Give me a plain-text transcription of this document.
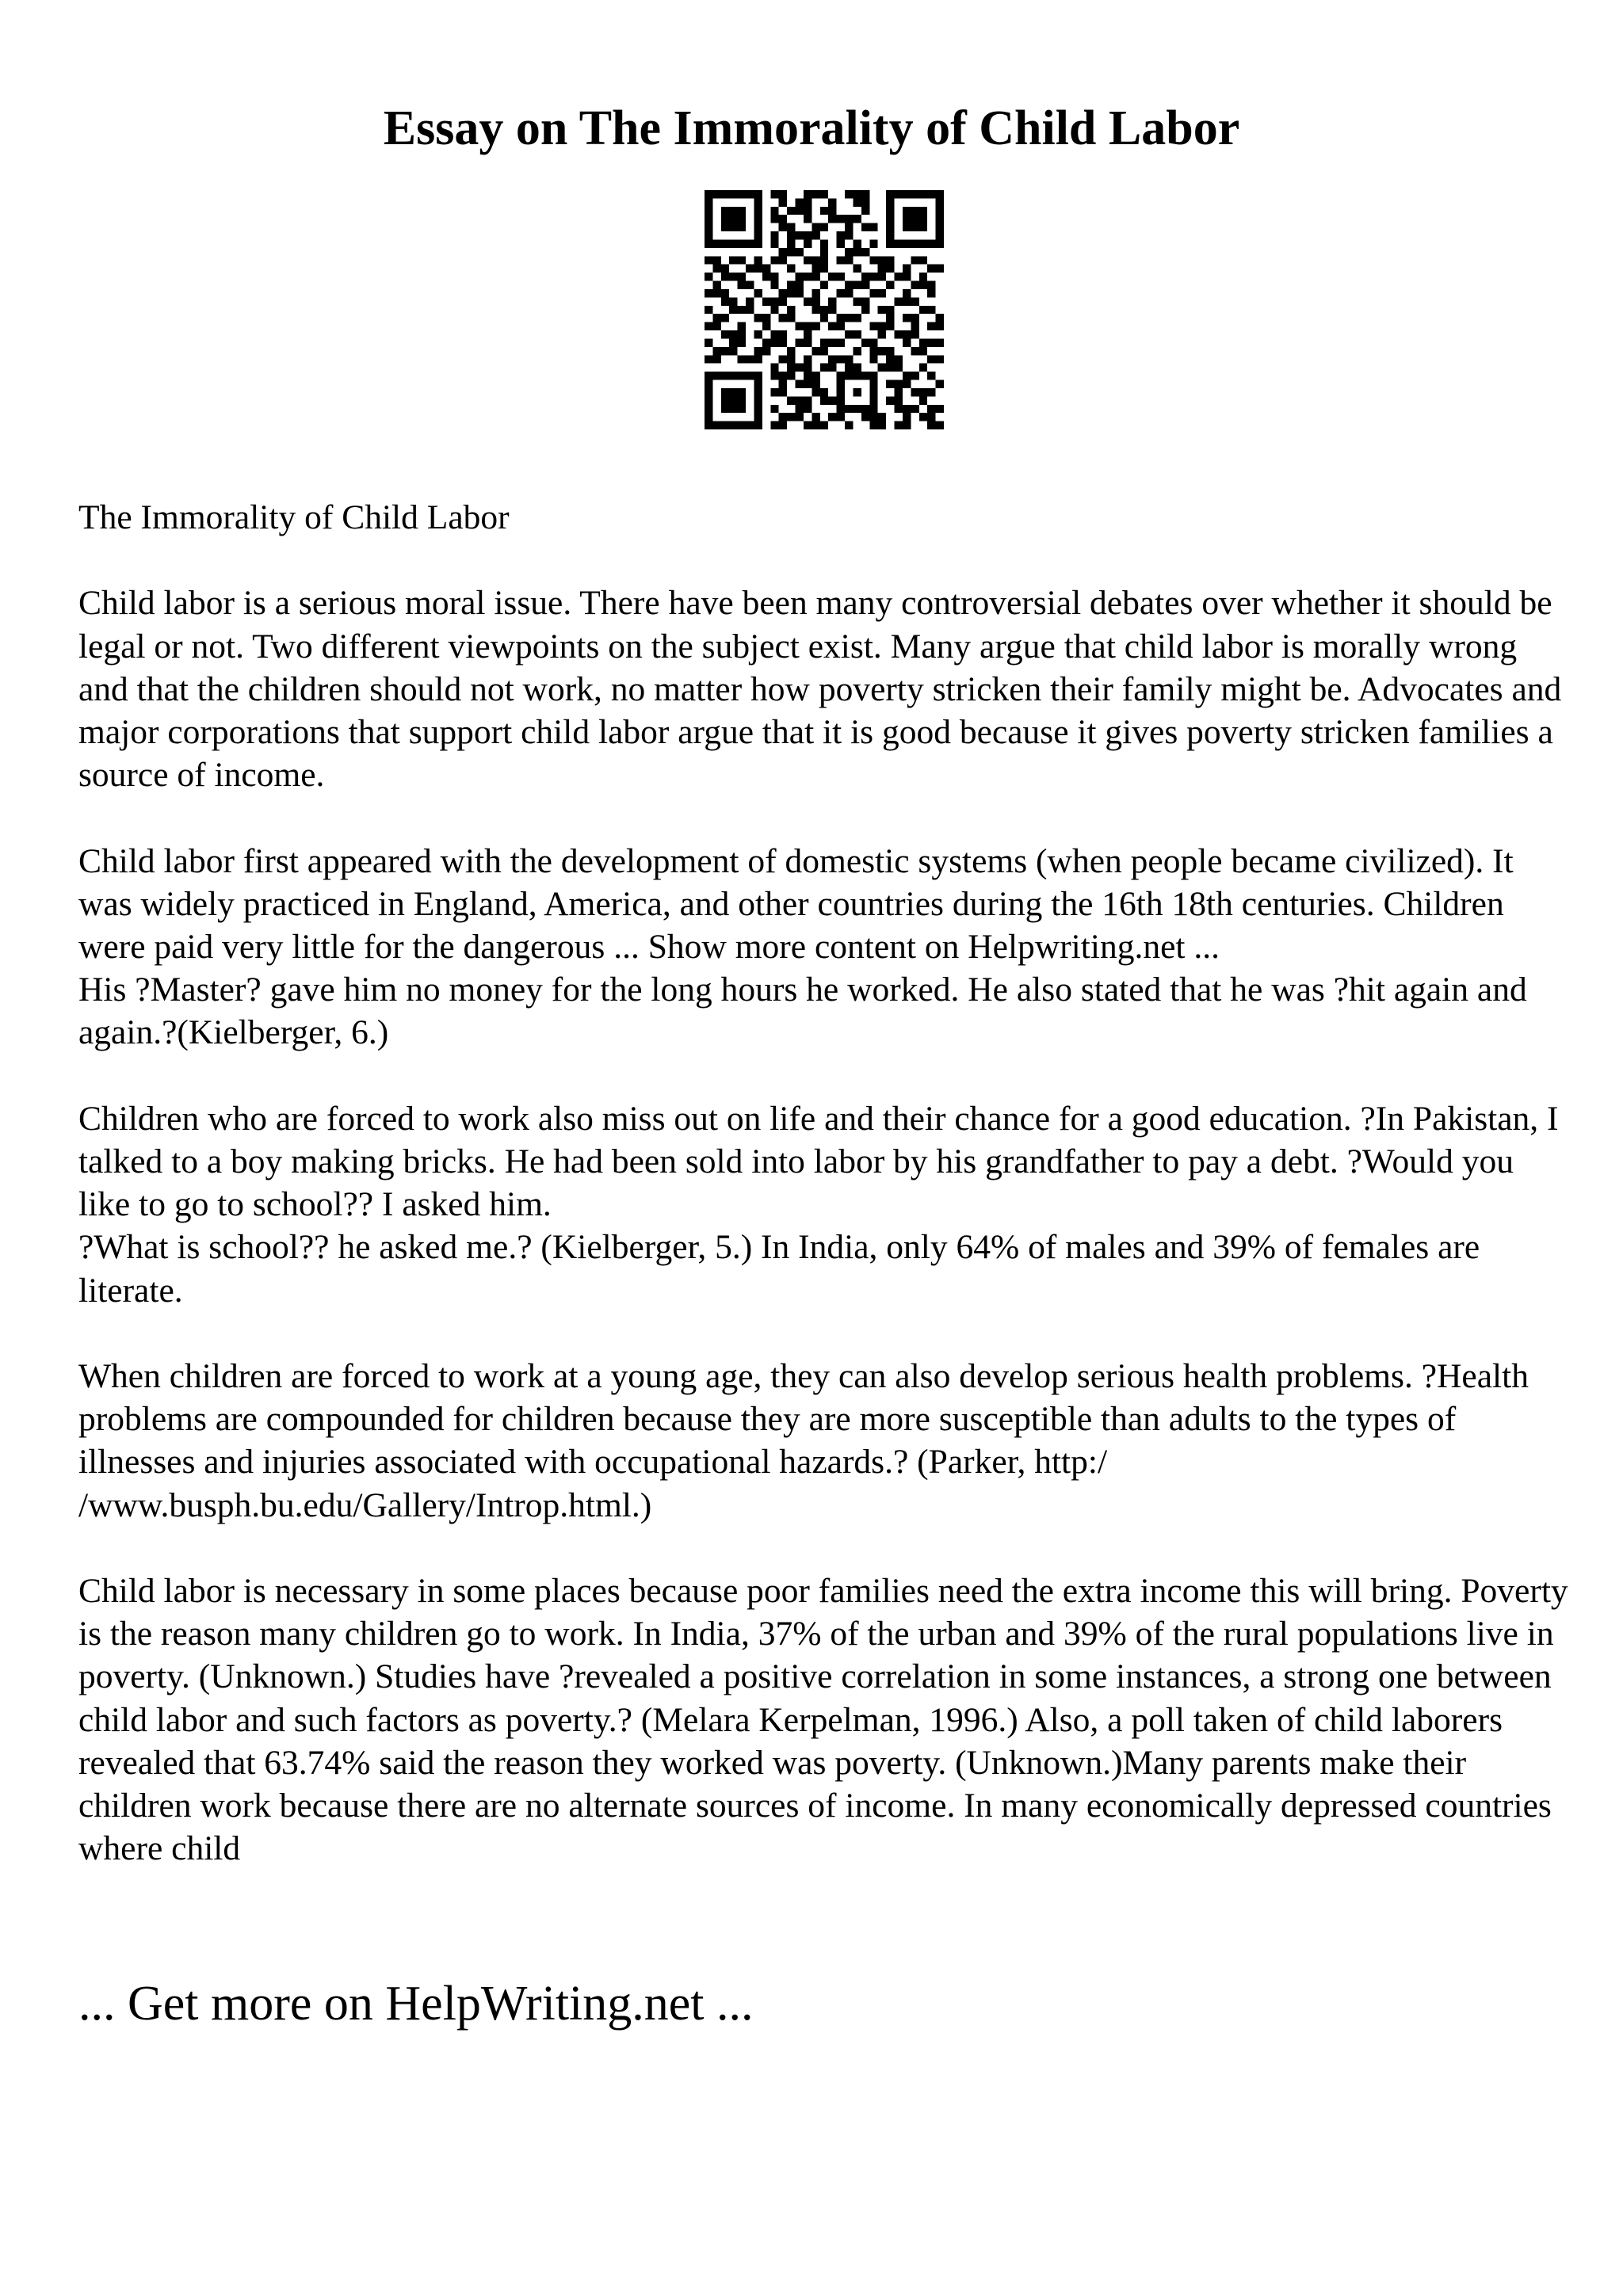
Essay on The Immorality of Child Labor

The Immorality of Child Labor

Child labor is a serious moral issue. There have been many controversial debates over whether it should be legal or not. Two different viewpoints on the subject exist. Many argue that child labor is morally wrong and that the children should not work, no matter how poverty stricken their family might be. Advocates and major corporations that support child labor argue that it is good because it gives poverty stricken families a source of income.

Child labor first appeared with the development of domestic systems (when people became civilized). It was widely practiced in England, America, and other countries during the 16th 18th centuries. Children were paid very little for the dangerous ... Show more content on Helpwriting.net ...

His ?Master? gave him no money for the long hours he worked. He also stated that he was ?hit again and again.?(Kielberger, 6.)

Children who are forced to work also miss out on life and their chance for a good education. ?In Pakistan, I talked to a boy making bricks. He had been sold into labor by his grandfather to pay a debt. ?Would you like to go to school?? I asked him.

?What is school?? he asked me.? (Kielberger, 5.) In India, only 64% of males and 39% of females are literate.

When children are forced to work at a young age, they can also develop serious health problems. ?Health problems are compounded for children because they are more susceptible than adults to the types of illnesses and injuries associated with occupational hazards.? (Parker, http:/ /www.busph.bu.edu/Gallery/Introp.html.)

Child labor is necessary in some places because poor families need the extra income this will bring. Poverty is the reason many children go to work. In India, 37% of the urban and 39% of the rural populations live in poverty. (Unknown.) Studies have ?revealed a positive correlation in some instances, a strong one between child labor and such factors as poverty.? (Melara Kerpelman, 1996.) Also, a poll taken of child laborers revealed that 63.74% said the reason they worked was poverty. (Unknown.)Many parents make their children work because there are no alternate sources of income. In many economically depressed countries where child

... Get more on HelpWriting.net ...
